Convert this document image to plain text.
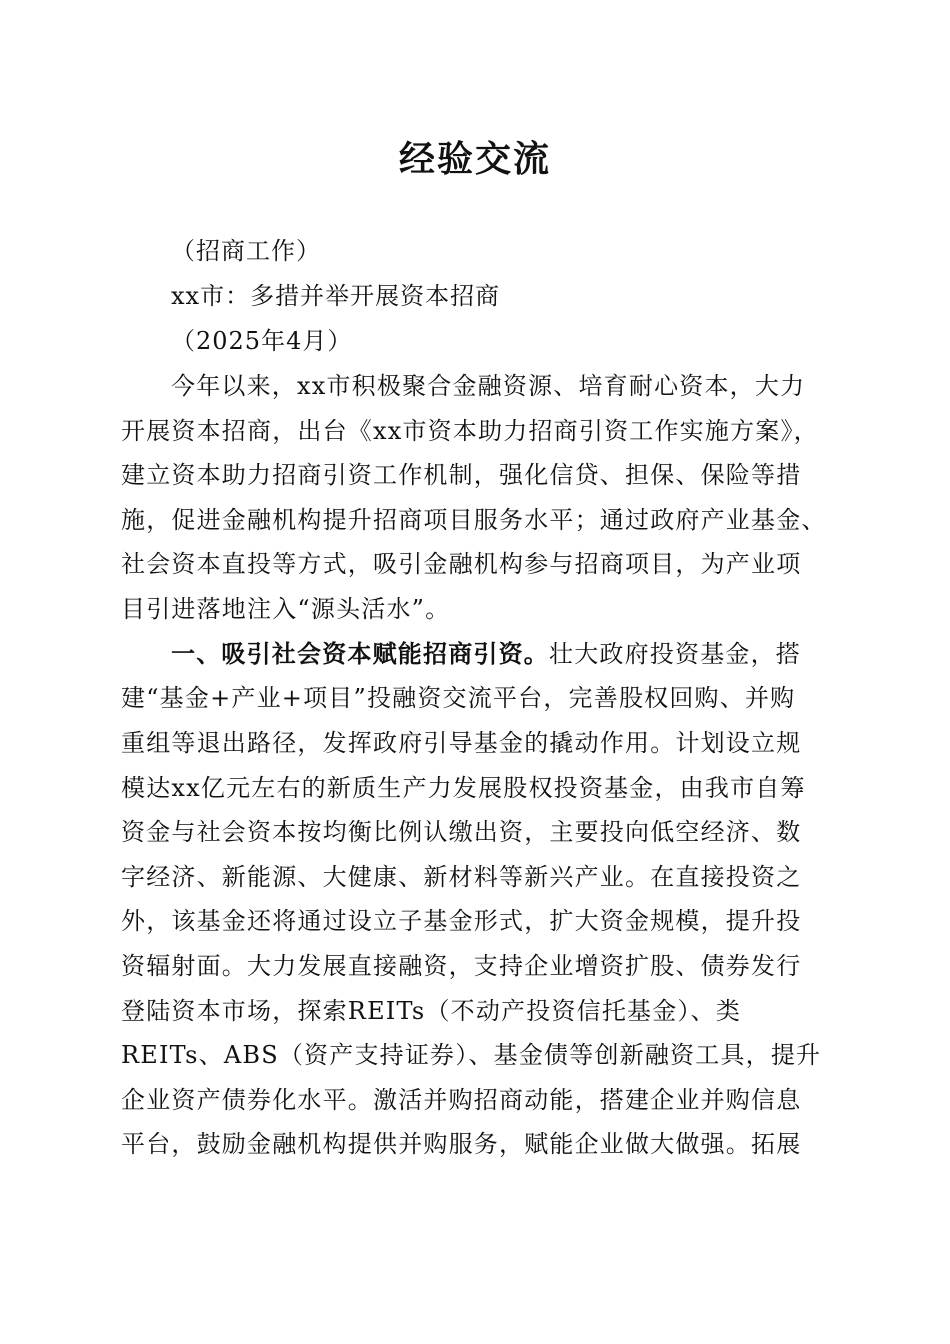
经验交流
（招商工作）
xx市：多措并举开展资本招商
（2025年4月）
今年以来，xx市积极聚合金融资源、培育耐心资本，大力
开展资本招商，出台《xx市资本助力招商引资工作实施方案》，
建立资本助力招商引资工作机制，强化信贷、担保、保险等措
施，促进金融机构提升招商项目服务水平；通过政府产业基金、
社会资本直投等方式，吸引金融机构参与招商项目，为产业项
目引进落地注入“源头活水”。
一、吸引社会资本赋能招商引资。壮大政府投资基金，搭
建“基金+产业+项目”投融资交流平台，完善股权回购、并购
重组等退出路径，发挥政府引导基金的撬动作用。计划设立规
模达xx亿元左右的新质生产力发展股权投资基金，由我市自筹
资金与社会资本按均衡比例认缴出资，主要投向低空经济、数
字经济、新能源、大健康、新材料等新兴产业。在直接投资之
外，该基金还将通过设立子基金形式，扩大资金规模，提升投
资辐射面。大力发展直接融资，支持企业增资扩股、债券发行
登陆资本市场，探索REITs（不动产投资信托基金）、类
REITs、ABS（资产支持证券）、基金债等创新融资工具，提升
企业资产债券化水平。激活并购招商动能，搭建企业并购信息
平台，鼓励金融机构提供并购服务，赋能企业做大做强。拓展
